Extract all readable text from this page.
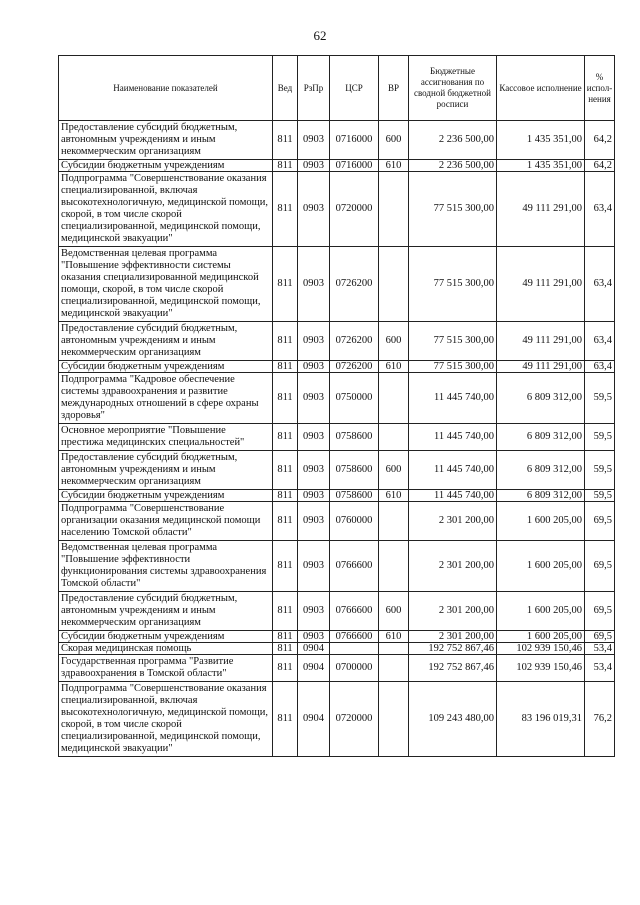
62
Наименование показателей	Вед	РзПр	ЦСР	ВР	Бюджетные ассигнования по сводной бюджетной росписи	Кассовое исполнение	% испол-нения
Предоставление субсидий бюджетным, автономным учреждениям и иным некоммерческим организациям	811	0903	0716000	600	2 236 500,00	1 435 351,00	64,2
Субсидии бюджетным учреждениям	811	0903	0716000	610	2 236 500,00	1 435 351,00	64,2
Подпрограмма "Совершенствование оказания специализированной, включая высокотехнологичную, медицинской помощи, скорой, в том числе скорой специализированной, медицинской помощи, медицинской эвакуации"	811	0903	0720000		77 515 300,00	49 111 291,00	63,4
Ведомственная целевая программа "Повышение эффективности системы оказания специализированной медицинской помощи, скорой, в том числе скорой специализированной, медицинской помощи, медицинской эвакуации"	811	0903	0726200		77 515 300,00	49 111 291,00	63,4
Предоставление субсидий бюджетным, автономным учреждениям и иным некоммерческим организациям	811	0903	0726200	600	77 515 300,00	49 111 291,00	63,4
Субсидии бюджетным учреждениям	811	0903	0726200	610	77 515 300,00	49 111 291,00	63,4
Подпрограмма "Кадровое обеспечение системы здравоохранения и развитие международных отношений в сфере охраны здоровья"	811	0903	0750000		11 445 740,00	6 809 312,00	59,5
Основное мероприятие "Повышение престижа медицинских специальностей"	811	0903	0758600		11 445 740,00	6 809 312,00	59,5
Предоставление субсидий бюджетным, автономным учреждениям и иным некоммерческим организациям	811	0903	0758600	600	11 445 740,00	6 809 312,00	59,5
Субсидии бюджетным учреждениям	811	0903	0758600	610	11 445 740,00	6 809 312,00	59,5
Подпрограмма "Совершенствование организации оказания медицинской помощи населению Томской области"	811	0903	0760000		2 301 200,00	1 600 205,00	69,5
Ведомственная целевая программа "Повышение эффективности функционирования системы здравоохранения Томской области"	811	0903	0766600		2 301 200,00	1 600 205,00	69,5
Предоставление субсидий бюджетным, автономным учреждениям и иным некоммерческим организациям	811	0903	0766600	600	2 301 200,00	1 600 205,00	69,5
Субсидии бюджетным учреждениям	811	0903	0766600	610	2 301 200,00	1 600 205,00	69,5
Скорая медицинская помощь	811	0904			192 752 867,46	102 939 150,46	53,4
Государственная программа "Развитие здравоохранения в Томской области"	811	0904	0700000		192 752 867,46	102 939 150,46	53,4
Подпрограмма "Совершенствование оказания специализированной, включая высокотехнологичную, медицинской помощи, скорой, в том числе скорой специализированной, медицинской помощи, медицинской эвакуации"	811	0904	0720000		109 243 480,00	83 196 019,31	76,2
